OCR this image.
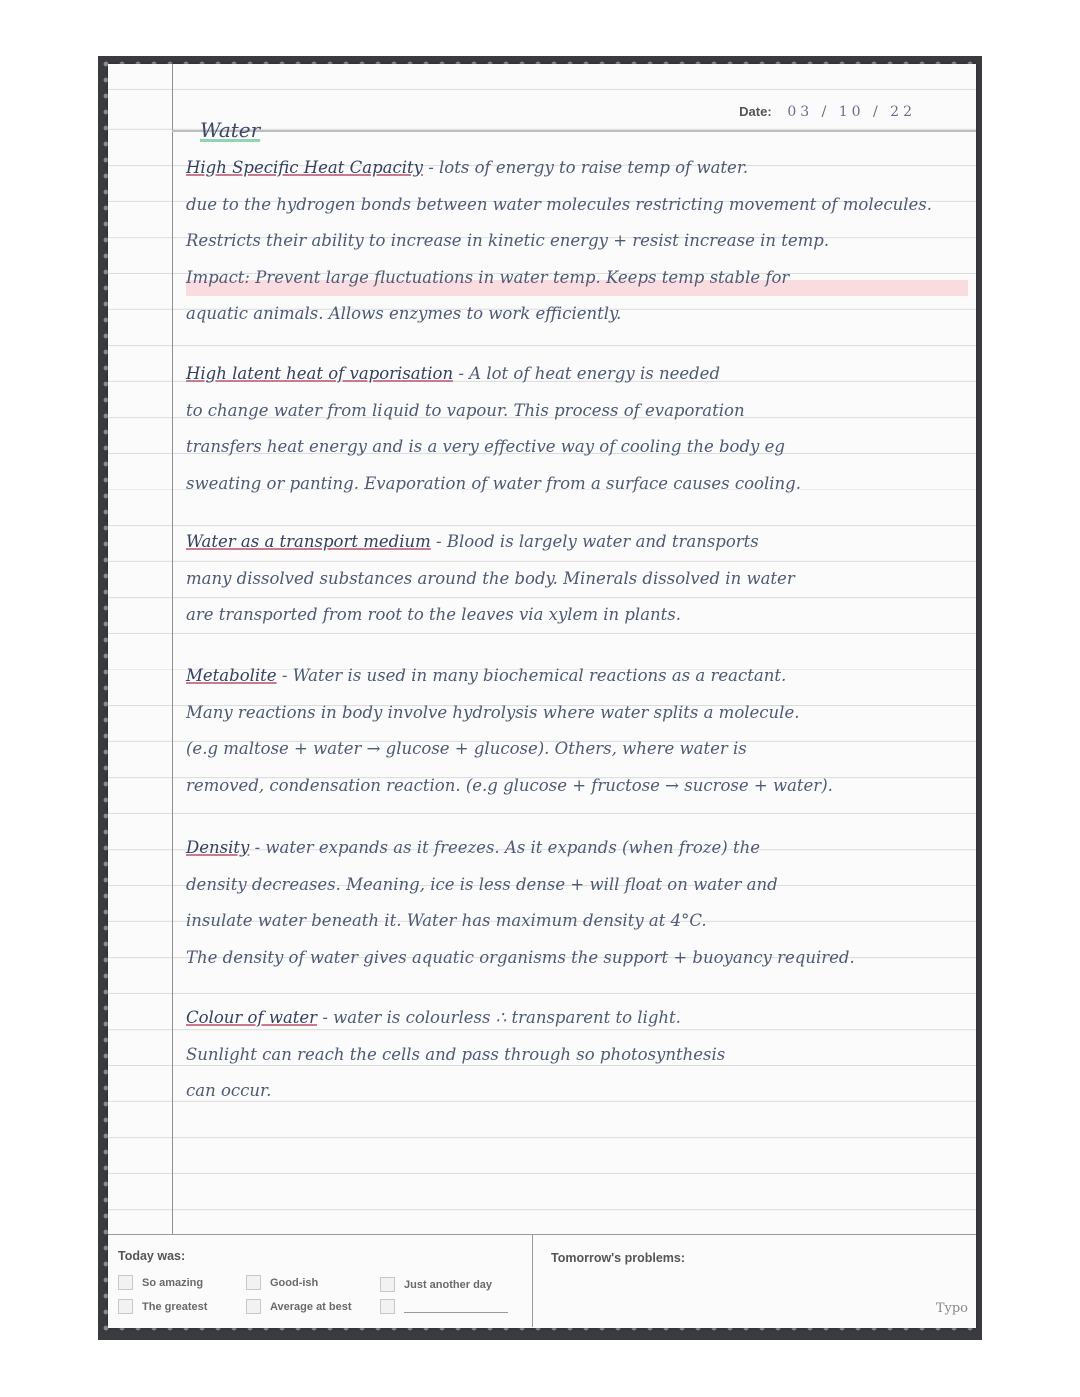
Date: 03 / 10 / 22
Water
High Specific Heat Capacity - lots of energy to raise temp of water.
due to the hydrogen bonds between water molecules restricting movement of molecules.
Restricts their ability to increase in kinetic energy + resist increase in temp.
Impact: Prevent large fluctuations in water temp. Keeps temp stable for
aquatic animals. Allows enzymes to work efficiently.
High latent heat of vaporisation - A lot of heat energy is needed
to change water from liquid to vapour. This process of evaporation
transfers heat energy and is a very effective way of cooling the body eg
sweating or panting. Evaporation of water from a surface causes cooling.
Water as a transport medium - Blood is largely water and transports
many dissolved substances around the body. Minerals dissolved in water
are transported from root to the leaves via xylem in plants.
Metabolite - Water is used in many biochemical reactions as a reactant.
Many reactions in body involve hydrolysis where water splits a molecule.
(e.g maltose + water → glucose + glucose). Others, where water is
removed, condensation reaction. (e.g glucose + fructose → sucrose + water).
Density - water expands as it freezes. As it expands (when froze) the
density decreases. Meaning, ice is less dense + will float on water and
insulate water beneath it. Water has maximum density at 4°C.
The density of water gives aquatic organisms the support + buoyancy required.
Colour of water - water is colourless ∴ transparent to light.
Sunlight can reach the cells and pass through so photosynthesis
can occur.
Today was:
So amazing
The greatest
Good-ish
Average at best
Just another day
Tomorrow's problems:
Typo
